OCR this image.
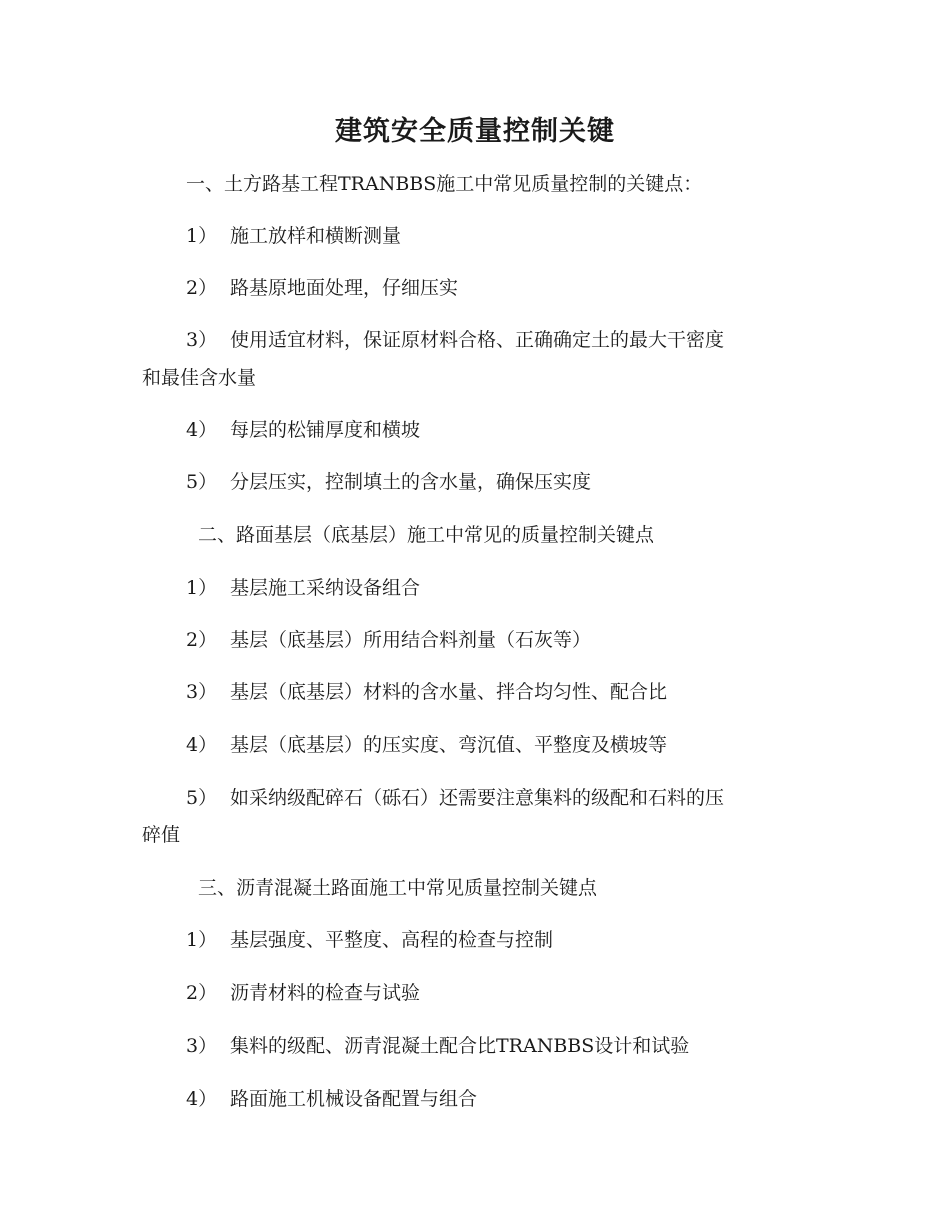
建筑安全质量控制关键

一、土方路基工程TRANBBS施工中常见质量控制的关键点：

1） 施工放样和横断测量

2） 路基原地面处理，仔细压实

3） 使用适宜材料，保证原材料合格、正确确定土的最大干密度

和最佳含水量

4） 每层的松铺厚度和横坡

5） 分层压实，控制填土的含水量，确保压实度

二、路面基层（底基层）施工中常见的质量控制关键点

1） 基层施工采纳设备组合

2） 基层（底基层）所用结合料剂量（石灰等）

3） 基层（底基层）材料的含水量、拌合均匀性、配合比

4） 基层（底基层）的压实度、弯沉值、平整度及横坡等

5） 如采纳级配碎石（砾石）还需要注意集料的级配和石料的压

碎值

三、沥青混凝土路面施工中常见质量控制关键点

1） 基层强度、平整度、高程的检查与控制

2） 沥青材料的检查与试验

3） 集料的级配、沥青混凝土配合比TRANBBS设计和试验

4） 路面施工机械设备配置与组合
